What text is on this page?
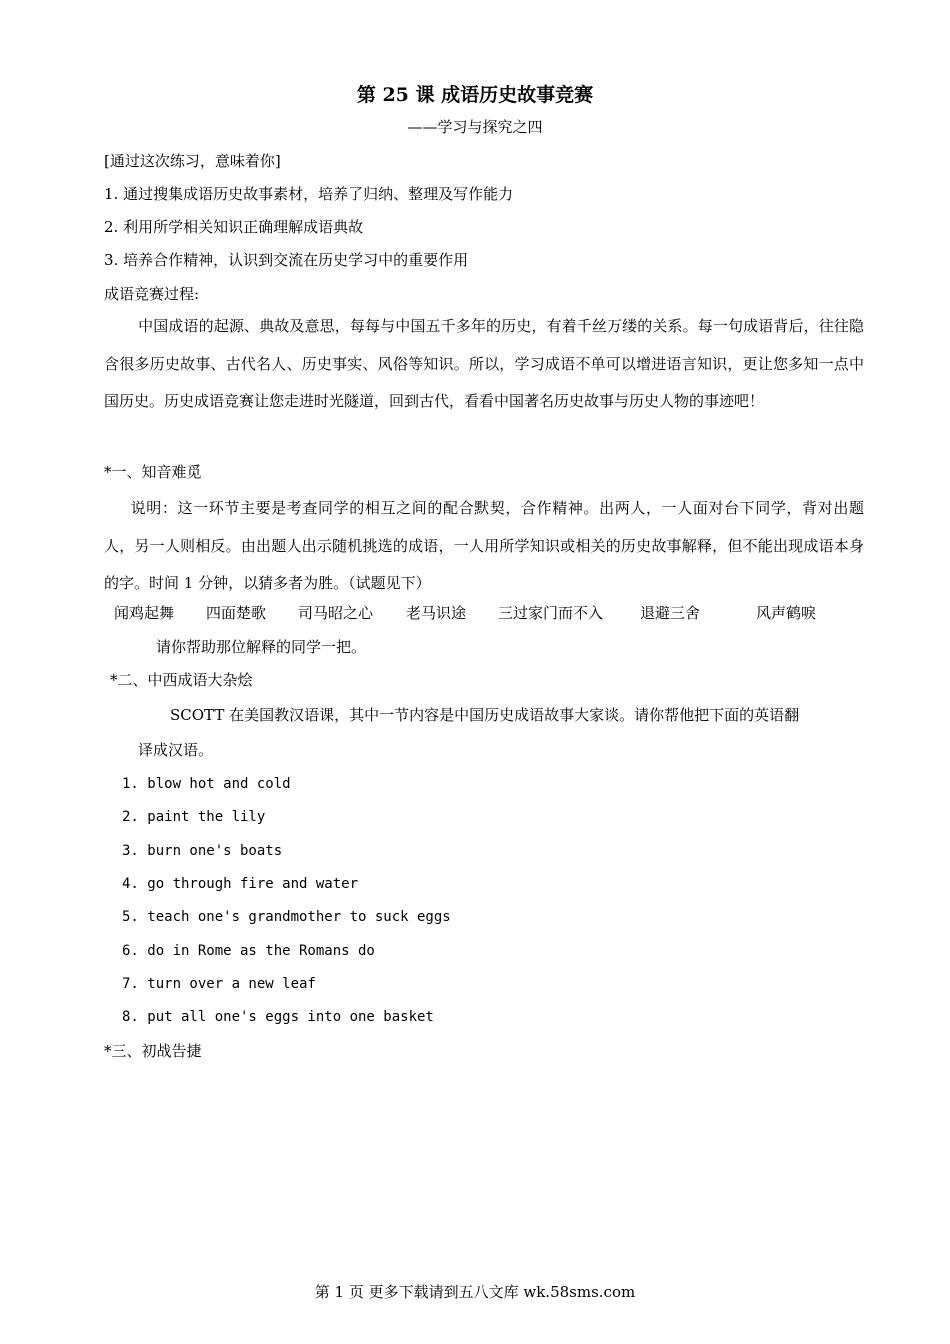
第 25 课 成语历史故事竞赛
——学习与探究之四
[通过这次练习，意味着你]
1. 通过搜集成语历史故事素材，培养了归纳、整理及写作能力
2. 利用所学相关知识正确理解成语典故
3. 培养合作精神，认识到交流在历史学习中的重要作用
成语竞赛过程:
中国成语的起源、典故及意思，每每与中国五千多年的历史，有着千丝万缕的关系。每一句成语背后，往往隐含很多历史故事、古代名人、历史事实、风俗等知识。所以，学习成语不单可以增进语言知识，更让您多知一点中国历史。历史成语竞赛让您走进时光隧道，回到古代，看看中国著名历史故事与历史人物的事迹吧！
*一、知音难觅
说明：这一环节主要是考查同学的相互之间的配合默契，合作精神。出两人，一人面对台下同学，背对出题人，另一人则相反。由出题人出示随机挑选的成语，一人用所学知识或相关的历史故事解释，但不能出现成语本身的字。时间 1 分钟，以猜多者为胜。（试题见下）
闻鸡起舞 四面楚歌 司马昭之心 老马识途 三过家门而不入 退避三舍	风声鹤唳
请你帮助那位解释的同学一把。
*二、中西成语大杂烩
SCOTT 在美国教汉语课，其中一节内容是中国历史成语故事大家谈。请你帮他把下面的英语翻
译成汉语。
1. blow hot and cold
2. paint the lily
3. burn one's boats
4. go through fire and water
5. teach one's grandmother to suck eggs
6. do in Rome as the Romans do
7. turn over a new leaf
8. put all one's eggs into one basket
*三、初战告捷
第 1 页 更多下载请到五八文库 wk.58sms.com
